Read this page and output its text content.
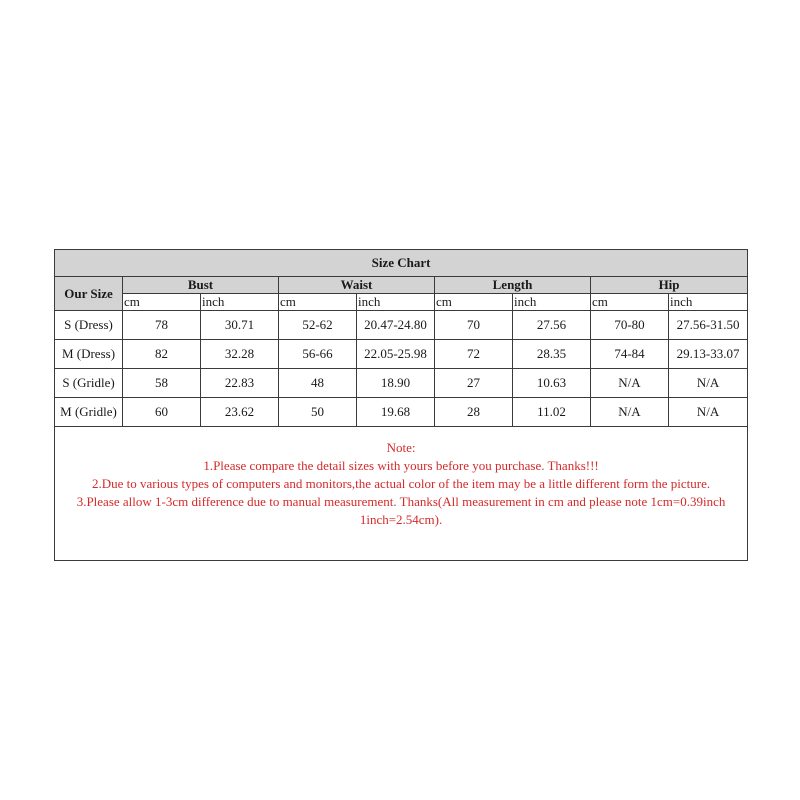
Size Chart								
Our Size	Bust		Waist		Length		Hip	
	cm	inch	cm	inch	cm	inch	cm	inch
S (Dress)	78	30.71	52-62	20.47-24.80	70	27.56	70-80	27.56-31.50
M (Dress)	82	32.28	56-66	22.05-25.98	72	28.35	74-84	29.13-33.07
S (Gridle)	58	22.83	48	18.90	27	10.63	N/A	N/A
M (Gridle)	60	23.62	50	19.68	28	11.02	N/A	N/A

Note:
1.Please compare the detail sizes with yours before you purchase. Thanks!!!
2.Due to various types of computers and monitors,the actual color of the item may be a little different form the picture.
3.Please allow 1-3cm difference due to manual measurement. Thanks(All measurement in cm and please note 1cm=0.39inch
1inch=2.54cm).								
